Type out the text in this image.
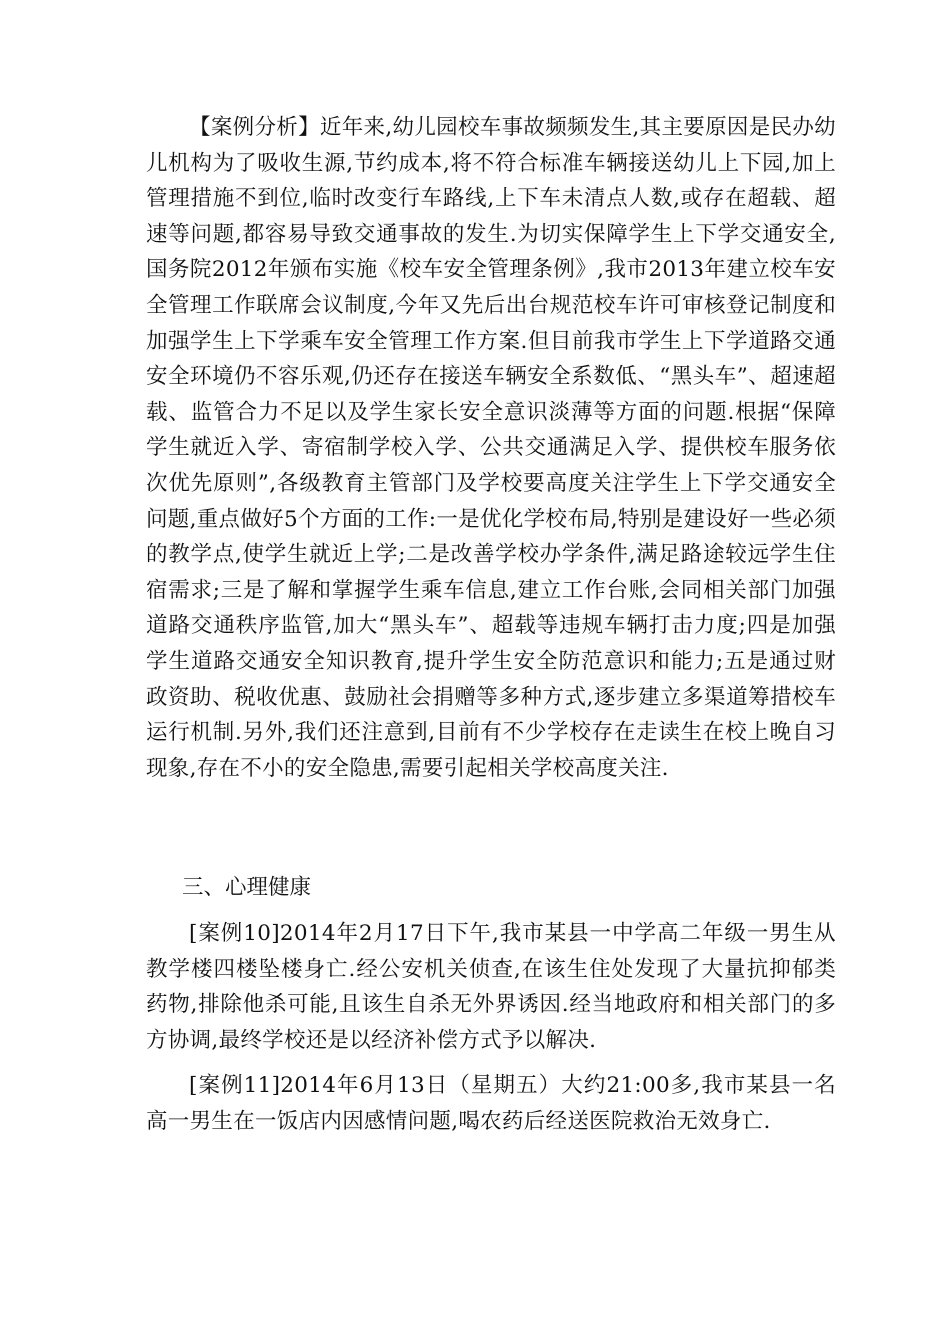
【案例分析】近年来,幼儿园校车事故频频发生,其主要原因是民办幼儿机构为了吸收生源,节约成本,将不符合标准车辆接送幼儿上下园,加上管理措施不到位,临时改变行车路线,上下车未清点人数,或存在超载、超速等问题,都容易导致交通事故的发生.为切实保障学生上下学交通安全,国务院2012年颁布实施《校车安全管理条例》,我市2013年建立校车安全管理工作联席会议制度,今年又先后出台规范校车许可审核登记制度和加强学生上下学乘车安全管理工作方案.但目前我市学生上下学道路交通安全环境仍不容乐观,仍还存在接送车辆安全系数低、“黑头车”、超速超载、监管合力不足以及学生家长安全意识淡薄等方面的问题.根据“保障学生就近入学、寄宿制学校入学、公共交通满足入学、提供校车服务依次优先原则”,各级教育主管部门及学校要高度关注学生上下学交通安全问题,重点做好5个方面的工作:一是优化学校布局,特别是建设好一些必须的教学点,使学生就近上学;二是改善学校办学条件,满足路途较远学生住宿需求;三是了解和掌握学生乘车信息,建立工作台账,会同相关部门加强道路交通秩序监管,加大“黑头车”、超载等违规车辆打击力度;四是加强学生道路交通安全知识教育,提升学生安全防范意识和能力;五是通过财政资助、税收优惠、鼓励社会捐赠等多种方式,逐步建立多渠道筹措校车运行机制.另外,我们还注意到,目前有不少学校存在走读生在校上晚自习现象,存在不小的安全隐患,需要引起相关学校高度关注.

三、心理健康

[案例10]2014年2月17日下午,我市某县一中学高二年级一男生从教学楼四楼坠楼身亡.经公安机关侦查,在该生住处发现了大量抗抑郁类药物,排除他杀可能,且该生自杀无外界诱因.经当地政府和相关部门的多方协调,最终学校还是以经济补偿方式予以解决.

[案例11]2014年6月13日（星期五）大约21:00多,我市某县一名高一男生在一饭店内因感情问题,喝农药后经送医院救治无效身亡.
